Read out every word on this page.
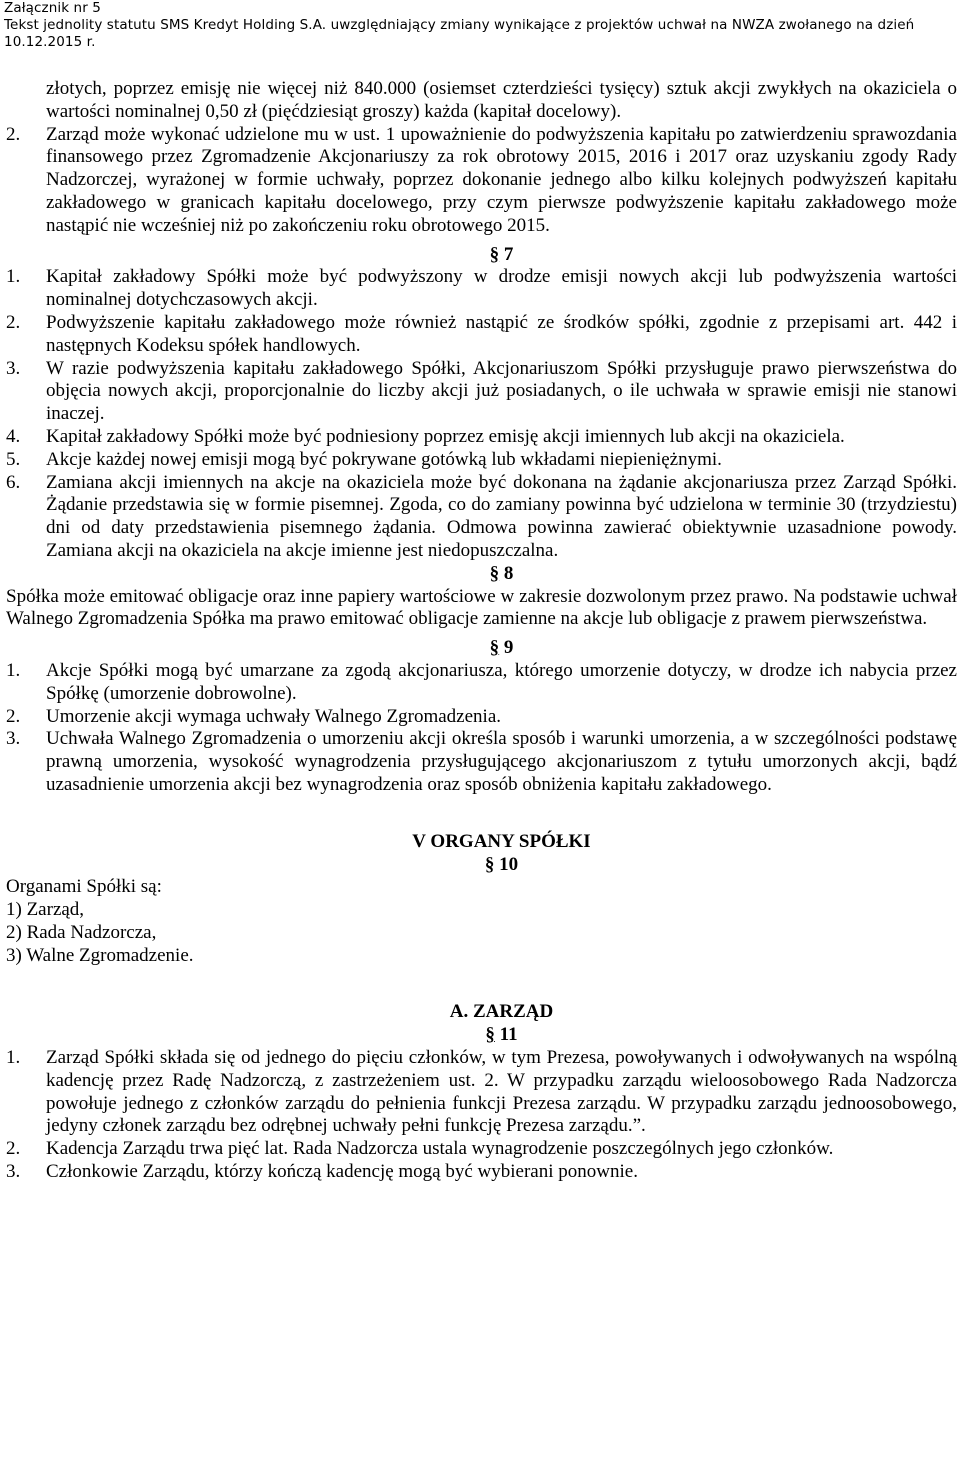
Załącznik nr 5
Tekst jednolity statutu SMS Kredyt Holding S.A. uwzględniający zmiany wynikające z projektów uchwał na NWZA zwołanego na dzień
10.12.2015 r.

złotych, poprzez emisję nie więcej niż 840.000 (osiemset czterdzieści tysięcy) sztuk akcji zwykłych na okaziciela o wartości nominalnej 0,50 zł (pięćdziesiąt groszy) każda (kapitał docelowy).

2.	Zarząd może wykonać udzielone mu w ust. 1 upoważnienie do podwyższenia kapitału po zatwierdzeniu sprawozdania finansowego przez Zgromadzenie Akcjonariuszy za rok obrotowy 2015, 2016 i 2017 oraz uzyskaniu zgody Rady Nadzorczej, wyrażonej w formie uchwały, poprzez dokonanie jednego albo kilku kolejnych podwyższeń kapitału zakładowego w granicach kapitału docelowego, przy czym pierwsze podwyższenie kapitału zakładowego może nastąpić nie wcześniej niż po zakończeniu roku obrotowego 2015.
§ 7
1.	Kapitał zakładowy Spółki może być podwyższony w drodze emisji nowych akcji lub podwyższenia wartości nominalnej dotychczasowych akcji.
2.	Podwyższenie kapitału zakładowego może również nastąpić ze środków spółki, zgodnie z przepisami art. 442 i następnych Kodeksu spółek handlowych.
3.	W razie podwyższenia kapitału zakładowego Spółki, Akcjonariuszom Spółki przysługuje prawo pierwszeństwa do objęcia nowych akcji, proporcjonalnie do liczby akcji już posiadanych, o ile uchwała w sprawie emisji nie stanowi inaczej.
4.	Kapitał zakładowy Spółki może być podniesiony poprzez emisję akcji imiennych lub akcji na okaziciela.
5.	Akcje każdej nowej emisji mogą być pokrywane gotówką lub wkładami niepieniężnymi.
6.	Zamiana akcji imiennych na akcje na okaziciela może być dokonana na żądanie akcjonariusza przez Zarząd Spółki. Żądanie przedstawia się w formie pisemnej. Zgoda, co do zamiany powinna być udzielona w terminie 30 (trzydziestu) dni od daty przedstawienia pisemnego żądania. Odmowa powinna zawierać obiektywnie uzasadnione powody. Zamiana akcji na okaziciela na akcje imienne jest niedopuszczalna.
§ 8

Spółka może emitować obligacje oraz inne papiery wartościowe w zakresie dozwolonym przez prawo. Na podstawie uchwał Walnego Zgromadzenia Spółka ma prawo emitować obligacje zamienne na akcje lub obligacje z prawem pierwszeństwa.

§ 9
1.	Akcje Spółki mogą być umarzane za zgodą akcjonariusza, którego umorzenie dotyczy, w drodze ich nabycia przez Spółkę (umorzenie dobrowolne).
2.	Umorzenie akcji wymaga uchwały Walnego Zgromadzenia.
3.	Uchwała Walnego Zgromadzenia o umorzeniu akcji określa sposób i warunki umorzenia, a w szczególności podstawę prawną umorzenia, wysokość wynagrodzenia przysługującego akcjonariuszom z tytułu umorzonych akcji, bądź uzasadnienie umorzenia akcji bez wynagrodzenia oraz sposób obniżenia kapitału zakładowego.
V ORGANY SPÓŁKI
§ 10
Organami Spółki są:
1) Zarząd,
2) Rada Nadzorcza,
3) Walne Zgromadzenie.
A. ZARZĄD
§ 11
1.	Zarząd Spółki składa się od jednego do pięciu członków, w tym Prezesa, powoływanych i odwoływanych na wspólną kadencję przez Radę Nadzorczą, z zastrzeżeniem ust. 2. W przypadku zarządu wieloosobowego Rada Nadzorcza powołuje jednego z członków zarządu do pełnienia funkcji Prezesa zarządu. W przypadku zarządu jednoosobowego, jedyny członek zarządu bez odrębnej uchwały pełni funkcję Prezesa zarządu.”.
2.	Kadencja Zarządu trwa pięć lat. Rada Nadzorcza ustala wynagrodzenie poszczególnych jego członków.
3.	Członkowie Zarządu, którzy kończą kadencję mogą być wybierani ponownie.
